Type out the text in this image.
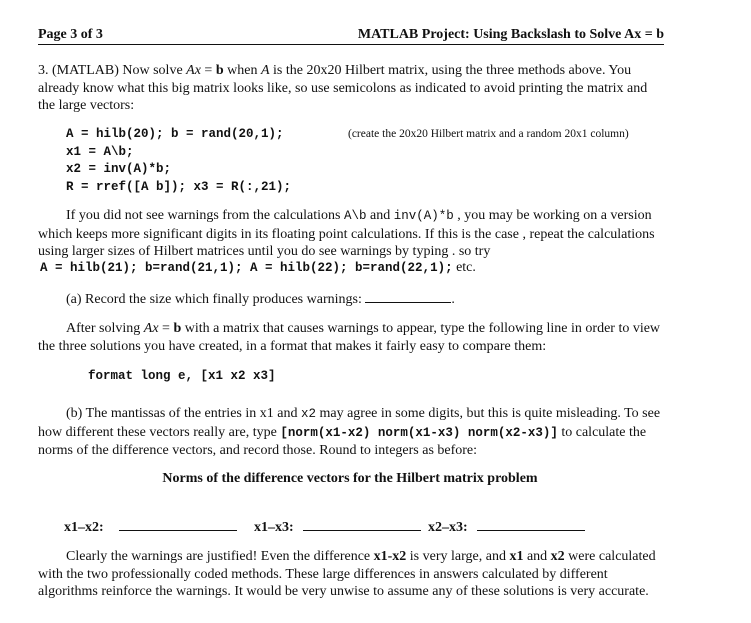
Page 3 of 3	MATLAB Project: Using Backslash to Solve Ax = b
3. (MATLAB) Now solve Ax = b when A is the 20x20 Hilbert matrix, using the three methods above. You already know what this big matrix looks like, so use semicolons as indicated to avoid printing the matrix and the large vectors:
A = hilb(20); b = rand(20,1);
x1 = A\b;
x2 = inv(A)*b;
R = rref([A b]); x3 = R(:,21);
(create the 20x20 Hilbert matrix and a random 20x1 column)
If you did not see warnings from the calculations A\b and inv(A)*b , you may be working on a version which keeps more significant digits in its floating point calculations. If this is the case , repeat the calculations using larger sizes of Hilbert matrices until you do see warnings by typing . so try
A = hilb(21); b=rand(21,1); A = hilb(22); b=rand(22,1); etc.
(a) Record the size which finally produces warnings:	.
After solving Ax = b with a matrix that causes warnings to appear, type the following line in order to view the three solutions you have created, in a format that makes it fairly easy to compare them:
format long e, [x1 x2 x3]
(b) The mantissas of the entries in x1 and x2 may agree in some digits, but this is quite misleading. To see how different these vectors really are, type [norm(x1-x2) norm(x1-x3) norm(x2-x3)] to calculate the norms of the difference vectors, and record those. Round to integers as before:
Norms of the difference vectors for the Hilbert matrix problem
x1–x2:	x1–x3:	x2–x3:
Clearly the warnings are justified! Even the difference x1-x2 is very large, and x1 and x2 were calculated with the two professionally coded methods. These large differences in answers calculated by different algorithms reinforce the warnings. It would be very unwise to assume any of these solutions is very accurate.
